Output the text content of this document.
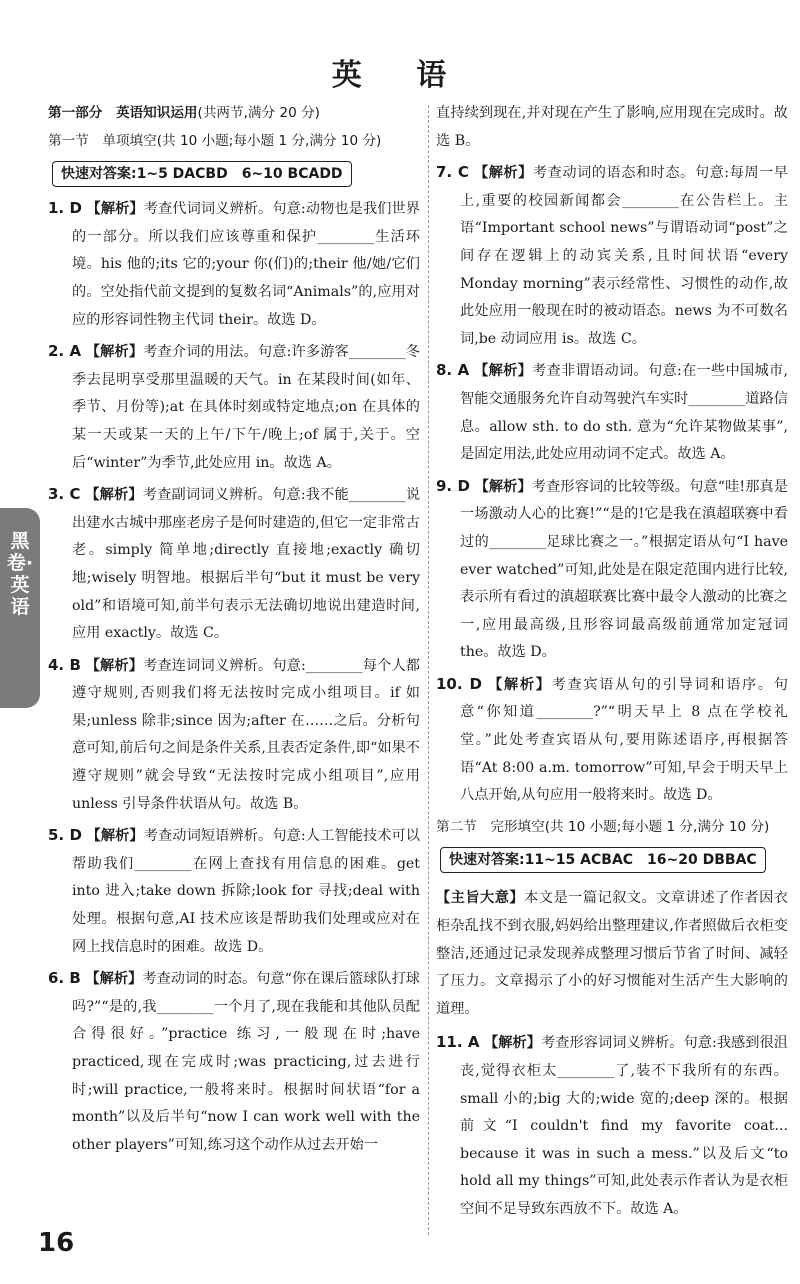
英 语
第一部分　英语知识运用(共两节,满分 20 分)
第一节　单项填空(共 10 小题;每小题 1 分,满分 10 分)
快速对答案:1~5 DACBD　6~10 BCADD
1. D 【解析】考查代词词义辨析。句意:动物也是我们世界的一部分。所以我们应该尊重和保护________生活环境。his 他的;its 它的;your 你(们)的;their 他/她/它们的。空处指代前文提到的复数名词“Animals”的,应用对应的形容词性物主代词 their。故选 D。
2. A 【解析】考查介词的用法。句意:许多游客________冬季去昆明享受那里温暖的天气。in 在某段时间(如年、季节、月份等);at 在具体时刻或特定地点;on 在具体的某一天或某一天的上午/下午/晚上;of 属于,关于。空后“winter”为季节,此处应用 in。故选 A。
3. C 【解析】考查副词词义辨析。句意:我不能________说出建水古城中那座老房子是何时建造的,但它一定非常古老。simply 简单地;directly 直接地;exactly 确切地;wisely 明智地。根据后半句“but it must be very old”和语境可知,前半句表示无法确切地说出建造时间,应用 exactly。故选 C。
4. B 【解析】考查连词词义辨析。句意:________每个人都遵守规则,否则我们将无法按时完成小组项目。if 如果;unless 除非;since 因为;after 在……之后。分析句意可知,前后句之间是条件关系,且表否定条件,即“如果不遵守规则”就会导致“无法按时完成小组项目”,应用 unless 引导条件状语从句。故选 B。
5. D 【解析】考查动词短语辨析。句意:人工智能技术可以帮助我们________在网上查找有用信息的困难。get into 进入;take down 拆除;look for 寻找;deal with 处理。根据句意,AI 技术应该是帮助我们处理或应对在网上找信息时的困难。故选 D。
6. B 【解析】考查动词的时态。句意“你在课后篮球队打球吗?”“是的,我________一个月了,现在我能和其他队员配合得很好。”practice 练习,一般现在时;have practiced,现在完成时;was practicing,过去进行时;will practice,一般将来时。根据时间状语“for a month”以及后半句“now I can work well with the other players”可知,练习这个动作从过去开始一
直持续到现在,并对现在产生了影响,应用现在完成时。故选 B。
7. C 【解析】考查动词的语态和时态。句意:每周一早上,重要的校园新闻都会________在公告栏上。主语“Important school news”与谓语动词“post”之间存在逻辑上的动宾关系,且时间状语“every Monday morning”表示经常性、习惯性的动作,故此处应用一般现在时的被动语态。news 为不可数名词,be 动词应用 is。故选 C。
8. A 【解析】考查非谓语动词。句意:在一些中国城市,智能交通服务允许自动驾驶汽车实时________道路信息。allow sth. to do sth. 意为“允许某物做某事”,是固定用法,此处应用动词不定式。故选 A。
9. D 【解析】考查形容词的比较等级。句意“哇!那真是一场激动人心的比赛!”“是的!它是我在滇超联赛中看过的________足球比赛之一。”根据定语从句“I have ever watched”可知,此处是在限定范围内进行比较,表示所有看过的滇超联赛比赛中最令人激动的比赛之一,应用最高级,且形容词最高级前通常加定冠词 the。故选 D。
10. D 【解析】考查宾语从句的引导词和语序。句意“你知道________?”“明天早上 8 点在学校礼堂。”此处考查宾语从句,要用陈述语序,再根据答语“At 8:00 a.m. tomorrow”可知,早会于明天早上八点开始,从句应用一般将来时。故选 D。
第二节　完形填空(共 10 小题;每小题 1 分,满分 10 分)
快速对答案:11~15 ACBAC　16~20 DBBAC
【主旨大意】本文是一篇记叙文。文章讲述了作者因衣柜杂乱找不到衣服,妈妈给出整理建议,作者照做后衣柜变整洁,还通过记录发现养成整理习惯后节省了时间、减轻了压力。文章揭示了小的好习惯能对生活产生大影响的道理。
11. A 【解析】考查形容词词义辨析。句意:我感到很沮丧,觉得衣柜太________了,装不下我所有的东西。small 小的;big 大的;wide 宽的;deep 深的。根据前文“I couldn't find my favorite coat... because it was in such a mess.”以及后文“to hold all my things”可知,此处表示作者认为是衣柜空间不足导致东西放不下。故选 A。
黑卷·英语
16
